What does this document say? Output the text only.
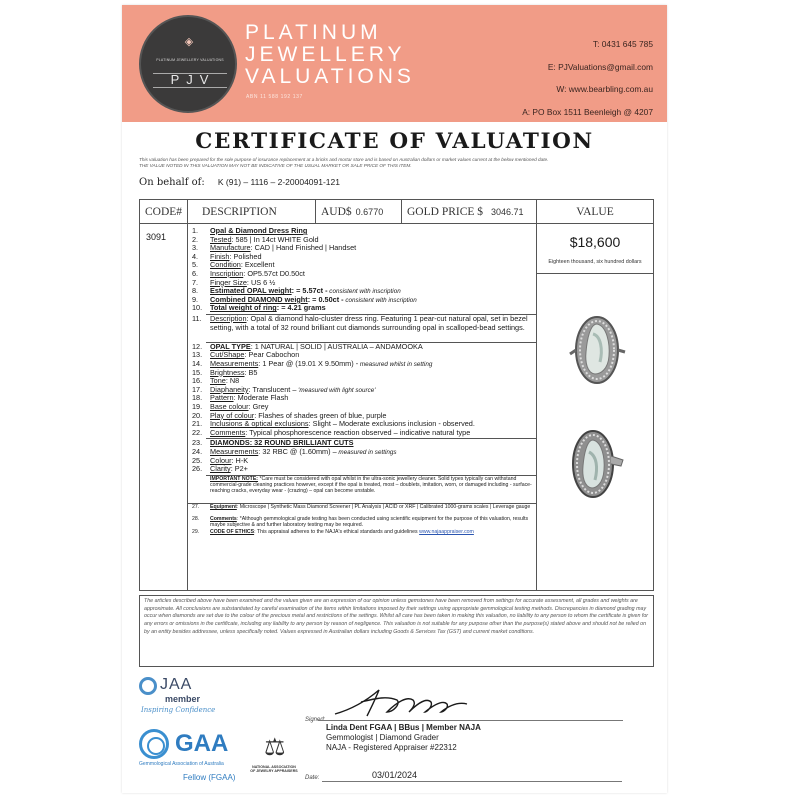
◈
PLATINUM JEWELLERY VALUATIONS
PJV
PLATINUM
JEWELLERY
VALUATIONS
ABN 11 588 192 137
T: 0431 645 785
E: PJValuations@gmail.com
W: www.bearbling.com.au
A: PO Box 1511 Beenleigh @ 4207
CERTIFICATE OF VALUATION
This valuation has been prepared for the sole purpose of insurance replacement at a bricks and mortar store and is based on Australian dollars or market values current at the below mentioned date.
THE VALUE NOTED IN THIS VALUATION MAY NOT BE INDICATIVE OF THE USUAL MARKET OR SALE PRICE OF THIS ITEM.
On behalf of: K (91) – 1116 – 2-20004091-121
CODE#	DESCRIPTION	AUD$ 0.6770	GOLD PRICE $ 3046.71	VALUE
3091
1.	Opal & Diamond Dress Ring
2.	Tested: 585 | In 14ct WHITE Gold
3.	Manufacture: CAD | Hand Finished | Handset
4.	Finish: Polished
5.	Condition: Excellent
6.	Inscription: OP5.57ct D0.50ct
7.	Finger Size: US 6 ½
8.	Estimated OPAL weight: = 5.57ct - consistent with inscription
9.	Combined DIAMOND weight: = 0.50ct - consistent with inscription
10.	Total weight of ring: = 4.21 grams
11.	Description: Opal & diamond halo-cluster dress ring. Featuring 1 pear-cut natural opal, set in bezel setting, with a total of 32 round brilliant cut diamonds surrounding opal in scalloped-bead settings.
12.	OPAL TYPE: 1 NATURAL | SOLID | AUSTRALIA – ANDAMOOKA
13.	Cut/Shape: Pear Cabochon
14.	Measurements: 1 Pear @ (19.01 X 9.50mm) - measured whilst in setting
15.	Brightness: B5
16.	Tone: N8
17.	Diaphaneity: Translucent – 'measured with light source'
18.	Pattern: Moderate Flash
19.	Base colour: Grey
20.	Play of colour: Flashes of shades green of blue, purple
21.	Inclusions & optical exclusions: Slight – Moderate exclusions inclusion - observed.
22.	Comments: Typical phosphorescence reaction observed – indicative natural type
23.	DIAMONDS: 32 ROUND BRILLIANT CUTS
24.	Measurements: 32 RBC @ (1.60mm) – measured in settings
25.	Colour: H-K
26.	Clarity: P2+
IMPORTANT NOTE: *Care must be considered with opal whilst in the ultra-sonic jewellery cleaner. Solid types typically can withstand commercial-grade cleaning practices however, except if the opal is treated, most – doublets, imitation, worn, or damaged including - surface-reaching cracks, everyday wear - (crazing) – opal can become unstable.
27.	Equipment: Microscope | Synthetic Mass Diamond Screener | PL Analysis | ACID or XRF | Calibrated 1000-grams scales | Leverage gauge
28.	Comments: *Although gemmological grade testing has been conducted using scientific equipment for the purpose of this valuation, results maybe subjective & and further laboratory testing may be required.
29.	CODE OF ETHICS: This appraisal adheres to the NAJA's ethical standards and guidelines www.najaappraiser.com
$18,600
Eighteen thousand, six hundred dollars
The articles described above have been examined and the values given are an expression of our opinion unless gemstones have been removed from settings for accurate assessment, all grades and weights are approximate. All conclusions are substantiated by careful examination of the items within limitations imposed by their settings using appropriate gemmological testing methods. Discrepancies in diamond grading may occur when diamonds are set due to the colour of the precious metal and restrictions of the settings. Whilst all care has been taken in making this valuation, no liability to any person to whom the certificate is given for any errors or omissions in the certificate, including any liability to any person by reason of negligence. This valuation is not suitable for any purpose other than the purpose(s) stated above and should not be relied on by an entity besides addressee, unless specifically noted. Values expressed in Australian dollars including Goods & Services Tax (GST) and current market conditions.
JAA
member
Inspiring Confidence
GAA
Gemmological Association of Australia
Fellow (FGAA)
⚖
NATIONAL ASSOCIATION OF JEWELRY APPRAISERS
Signed:
Linda Dent FGAA | BBus | Member NAJA
Gemmologist | Diamond Grader
NAJA - Registered Appraiser #22312
Date:	03/01/2024
